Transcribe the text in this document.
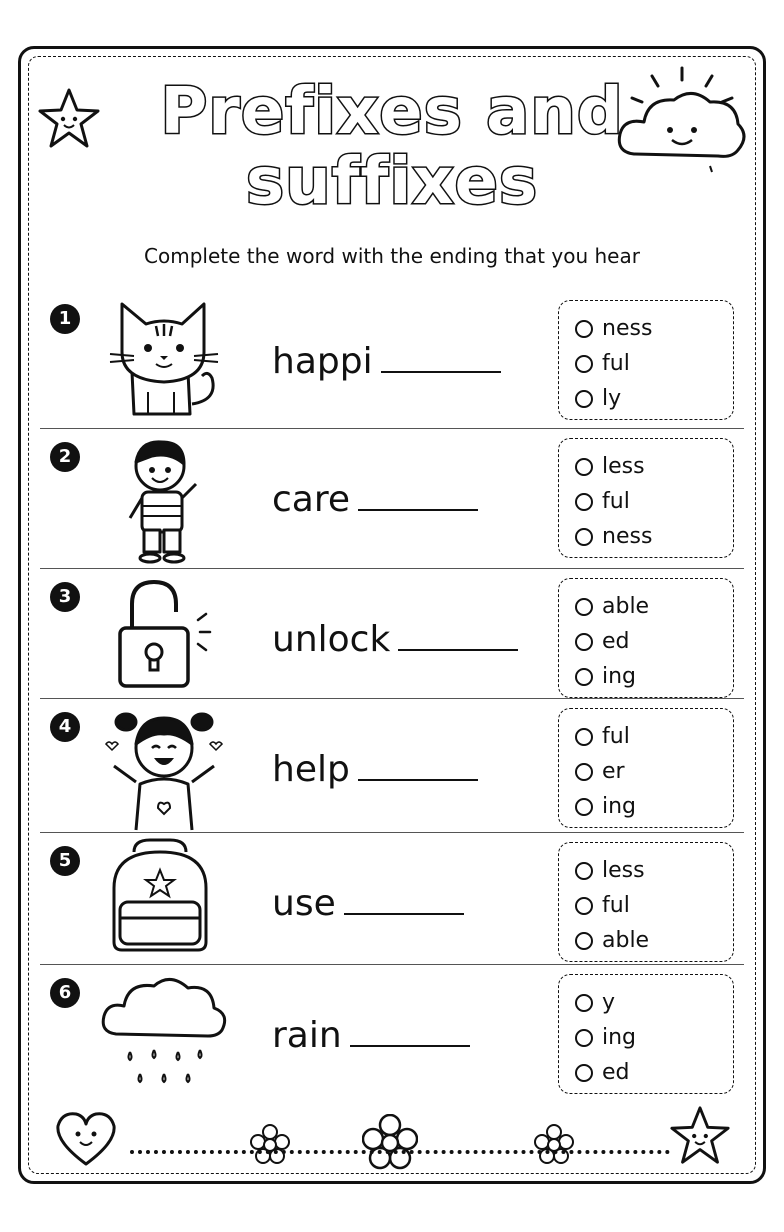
Prefixes and
suffixes
Complete the word with the ending that you hear
1
happi
ness
ful
ly
2
care
less
ful
ness
3
unlock
able
ed
ing
4
help
ful
er
ing
5
use
less
ful
able
6
rain
y
ing
ed
